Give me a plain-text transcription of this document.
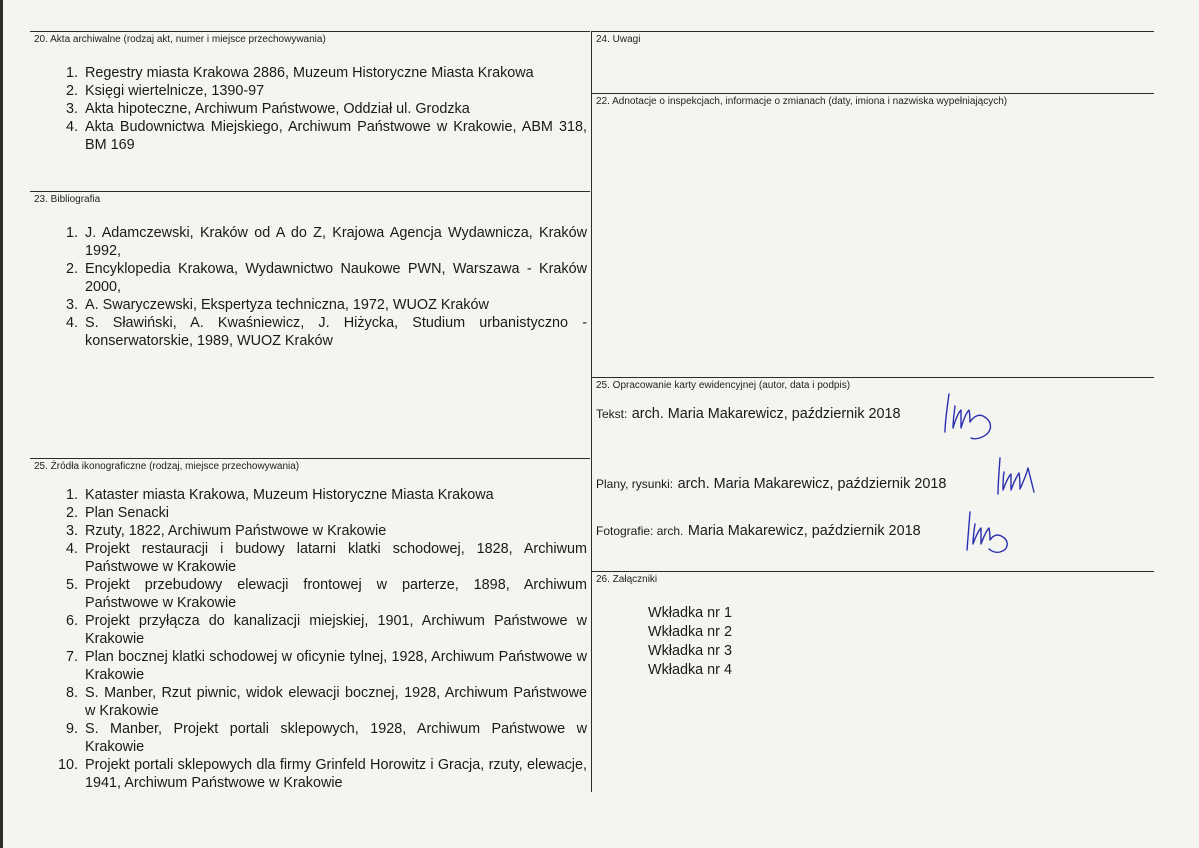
20. Akta archiwalne (rodzaj akt, numer i miejsce przechowywania)
1. Regestry miasta Krakowa 2886, Muzeum Historyczne Miasta Krakowa
2. Księgi wiertelnicze, 1390-97
3. Akta hipoteczne, Archiwum Państwowe, Oddział ul. Grodzka
4. Akta Budownictwa Miejskiego, Archiwum Państwowe w Krakowie, ABM 318, BM 169
23. Bibliografia
1. J. Adamczewski, Kraków od A do Z, Krajowa Agencja Wydawnicza, Kraków 1992,
2. Encyklopedia Krakowa, Wydawnictwo Naukowe PWN, Warszawa - Kraków 2000,
3. A. Swaryczewski, Ekspertyza techniczna, 1972, WUOZ Kraków
4. S. Sławiński, A. Kwaśniewicz, J. Hiżycka, Studium urbanistyczno - konserwatorskie, 1989, WUOZ Kraków
25. Źródła ikonograficzne (rodzaj, miejsce przechowywania)
1. Kataster miasta Krakowa, Muzeum Historyczne Miasta Krakowa
2. Plan Senacki
3. Rzuty, 1822, Archiwum Państwowe w Krakowie
4. Projekt restauracji i budowy latarni klatki schodowej, 1828, Archiwum Państwowe w Krakowie
5. Projekt przebudowy elewacji frontowej w parterze, 1898, Archiwum Państwowe w Krakowie
6. Projekt przyłącza do kanalizacji miejskiej, 1901, Archiwum Państwowe w Krakowie
7. Plan bocznej klatki schodowej w oficynie tylnej, 1928, Archiwum Państwowe w Krakowie
8. S. Manber, Rzut piwnic, widok elewacji bocznej, 1928, Archiwum Państwowe w Krakowie
9. S. Manber, Projekt portali sklepowych, 1928, Archiwum Państwowe w Krakowie
10. Projekt portali sklepowych dla firmy Grinfeld Horowitz i Gracja, rzuty, elewacje, 1941, Archiwum Państwowe w Krakowie
24. Uwagi
22. Adnotacje o inspekcjach, informacje o zmianach (daty, imiona i nazwiska wypełniających)
25. Opracowanie karty ewidencyjnej (autor, data i podpis)
Tekst: arch. Maria Makarewicz, październik 2018
Plany, rysunki: arch. Maria Makarewicz, październik 2018
Fotografie: arch. Maria Makarewicz, październik 2018
26. Załączniki
Wkładka nr 1
Wkładka nr 2
Wkładka nr 3
Wkładka nr 4
